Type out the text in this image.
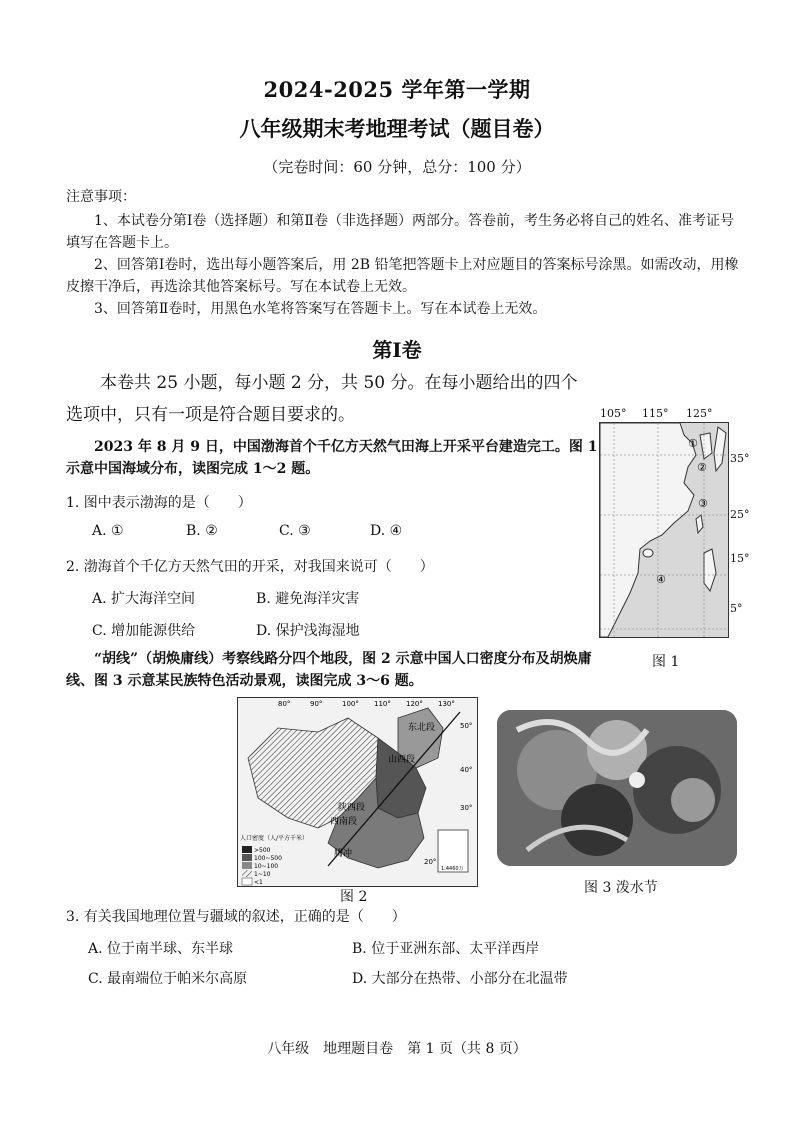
2024-2025 学年第一学期
八年级期末考地理考试（题目卷）
（完卷时间：60 分钟，总分：100 分）
注意事项：
1、本试卷分第Ⅰ卷（选择题）和第Ⅱ卷（非选择题）两部分。答卷前，考生务必将自己的姓名、准考证号填写在答题卡上。
2、回答第Ⅰ卷时，选出每小题答案后，用 2B 铅笔把答题卡上对应题目的答案标号涂黑。如需改动，用橡皮擦干净后，再选涂其他答案标号。写在本试卷上无效。
3、回答第Ⅱ卷时，用黑色水笔将答案写在答题卡上。写在本试卷上无效。
第Ⅰ卷
本卷共 25 小题，每小题 2 分，共 50 分。在每小题给出的四个选项中，只有一项是符合题目要求的。
2023 年 8 月 9 日，中国渤海首个千亿方天然气田海上开采平台建造完工。图 1 示意中国海域分布，读图完成 1～2 题。
1. 图中表示渤海的是（　　）
A. ①	B. ②	C. ③	D. ④
2. 渤海首个千亿方天然气田的开采，对我国来说可（　　）
A. 扩大海洋空间	B. 避免海洋灾害
C. 增加能源供给	D. 保护浅海湿地
105° 115° 125°
①
②
③
④
35°
25°
15°
5°
图 1
“胡线”（胡焕庸线）考察线路分四个地段，图 2 示意中国人口密度分布及胡焕庸线、图 3 示意某民族特色活动景观，读图完成 3～6 题。
人口密度（人/平方千米）
>500
100~500
10~100
1~10
<1
东北段
山西段
陕西段
西南段
腾冲
80°	90°	100° 110° 120° 130°
50°
40°
30°
20°
1:4460万
图 2
图 3 泼水节
3. 有关我国地理位置与疆域的叙述，正确的是（　　）
A. 位于南半球、东半球	B. 位于亚洲东部、太平洋西岸
C. 最南端位于帕米尔高原	D. 大部分在热带、小部分在北温带
八年级　地理题目卷　第 1 页（共 8 页）
